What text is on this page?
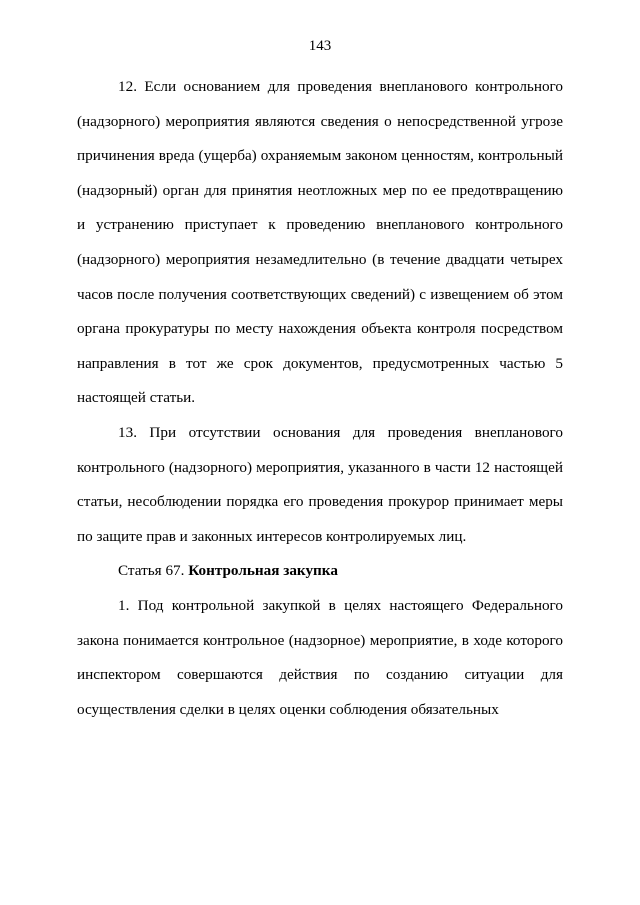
143

12. Если основанием для проведения внепланового контрольного (надзорного) мероприятия являются сведения о непосредственной угрозе причинения вреда (ущерба) охраняемым законом ценностям, контрольный (надзорный) орган для принятия неотложных мер по ее предотвращению и устранению приступает к проведению внепланового контрольного (надзорного) мероприятия незамедлительно (в течение двадцати четырех часов после получения соответствующих сведений) с извещением об этом органа прокуратуры по месту нахождения объекта контроля посредством направления в тот же срок документов, предусмотренных частью 5 настоящей статьи.

13. При отсутствии основания для проведения внепланового контрольного (надзорного) мероприятия, указанного в части 12 настоящей статьи, несоблюдении порядка его проведения прокурор принимает меры по защите прав и законных интересов контролируемых лиц.

Статья 67. Контрольная закупка

1. Под контрольной закупкой в целях настоящего Федерального закона понимается контрольное (надзорное) мероприятие, в ходе которого инспектором совершаются действия по созданию ситуации для осуществления сделки в целях оценки соблюдения обязательных
